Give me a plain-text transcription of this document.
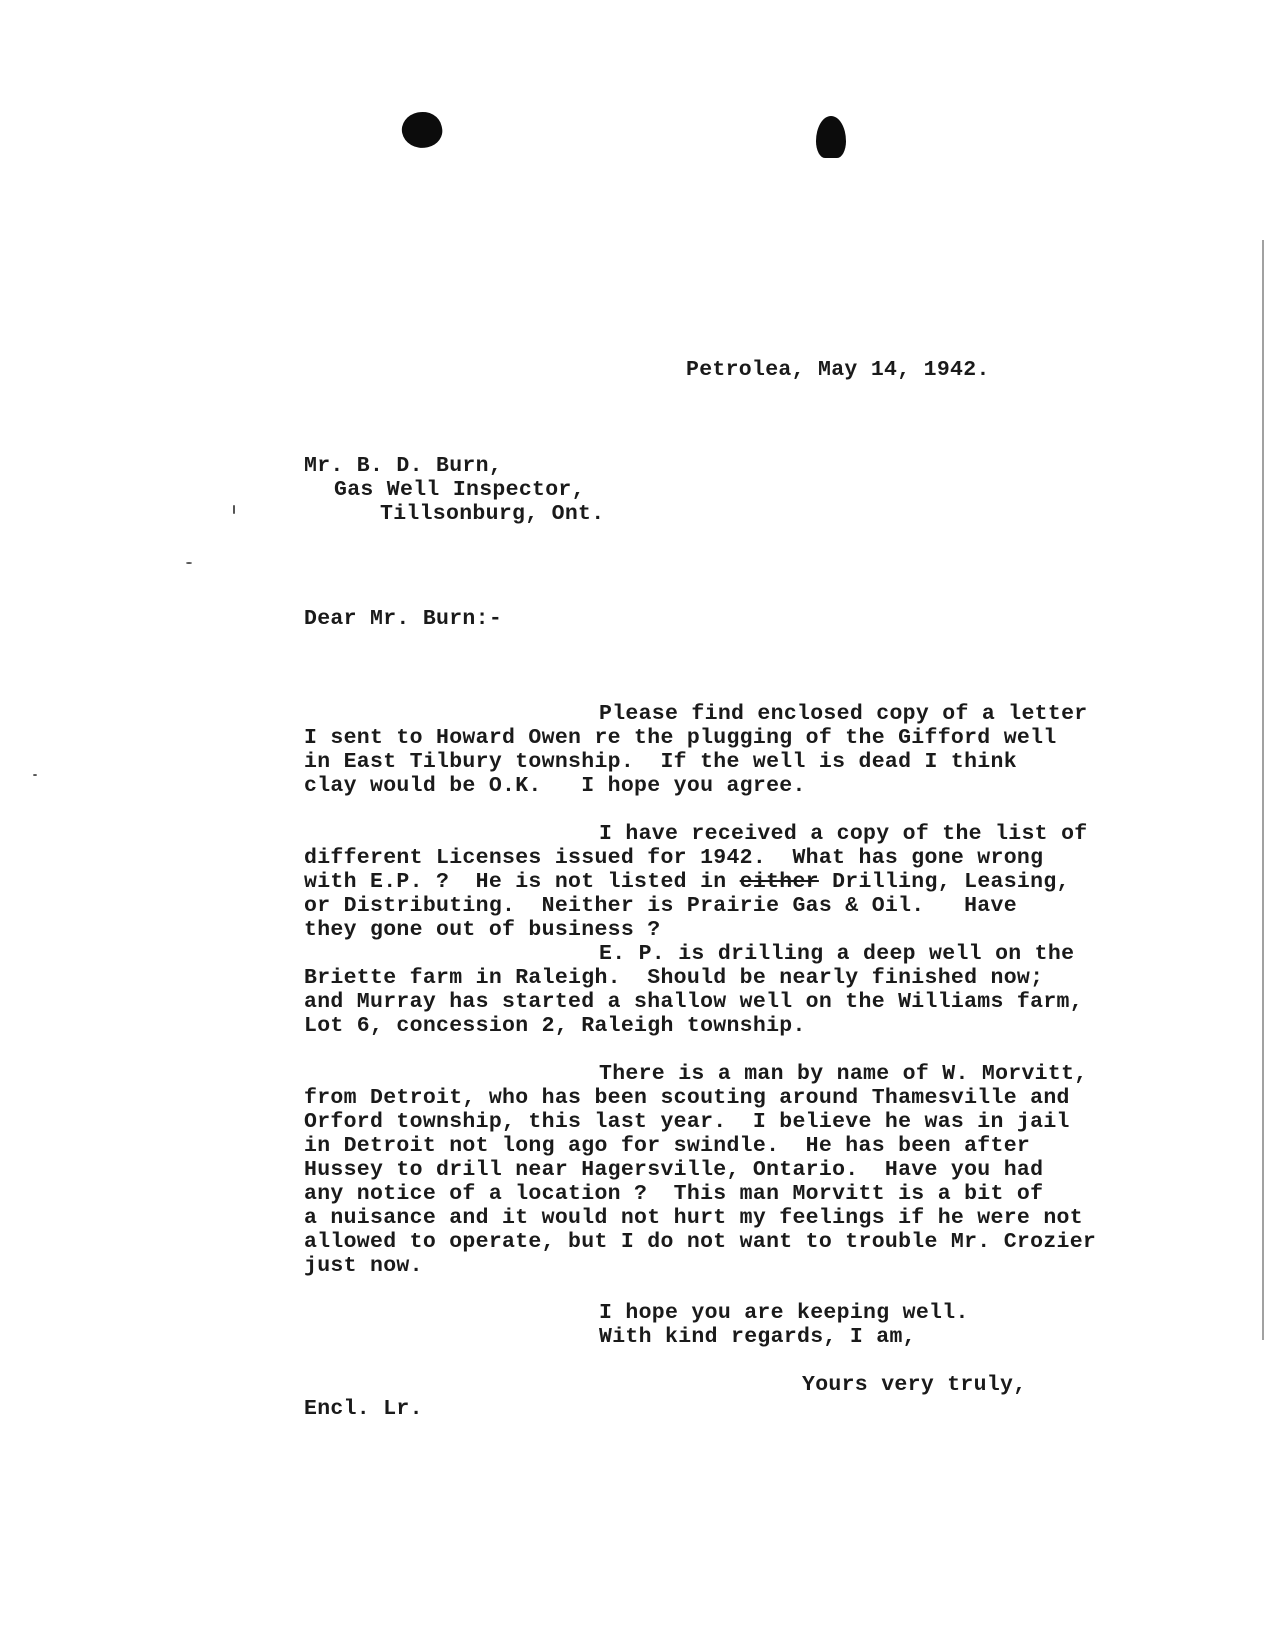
Petrolea, May 14, 1942.
Mr. B. D. Burn,
Gas Well Inspector,
Tillsonburg, Ont.
Dear Mr. Burn:-
Please find enclosed copy of a letter
I sent to Howard Owen re the plugging of the Gifford well
in East Tilbury township.  If the well is dead I think
clay would be O.K.   I hope you agree.
I have received a copy of the list of
different Licenses issued for 1942.  What has gone wrong
with E.P. ?  He is not listed in either Drilling, Leasing,
or Distributing.  Neither is Prairie Gas & Oil.   Have
they gone out of business ?
E. P. is drilling a deep well on the
Briette farm in Raleigh.  Should be nearly finished now;
and Murray has started a shallow well on the Williams farm,
Lot 6, concession 2, Raleigh township.
There is a man by name of W. Morvitt,
from Detroit, who has been scouting around Thamesville and
Orford township, this last year.  I believe he was in jail
in Detroit not long ago for swindle.  He has been after
Hussey to drill near Hagersville, Ontario.  Have you had
any notice of a location ?  This man Morvitt is a bit of
a nuisance and it would not hurt my feelings if he were not
allowed to operate, but I do not want to trouble Mr. Crozier
just now.
I hope you are keeping well.
With kind regards, I am,
Yours very truly,
Encl. Lr.
